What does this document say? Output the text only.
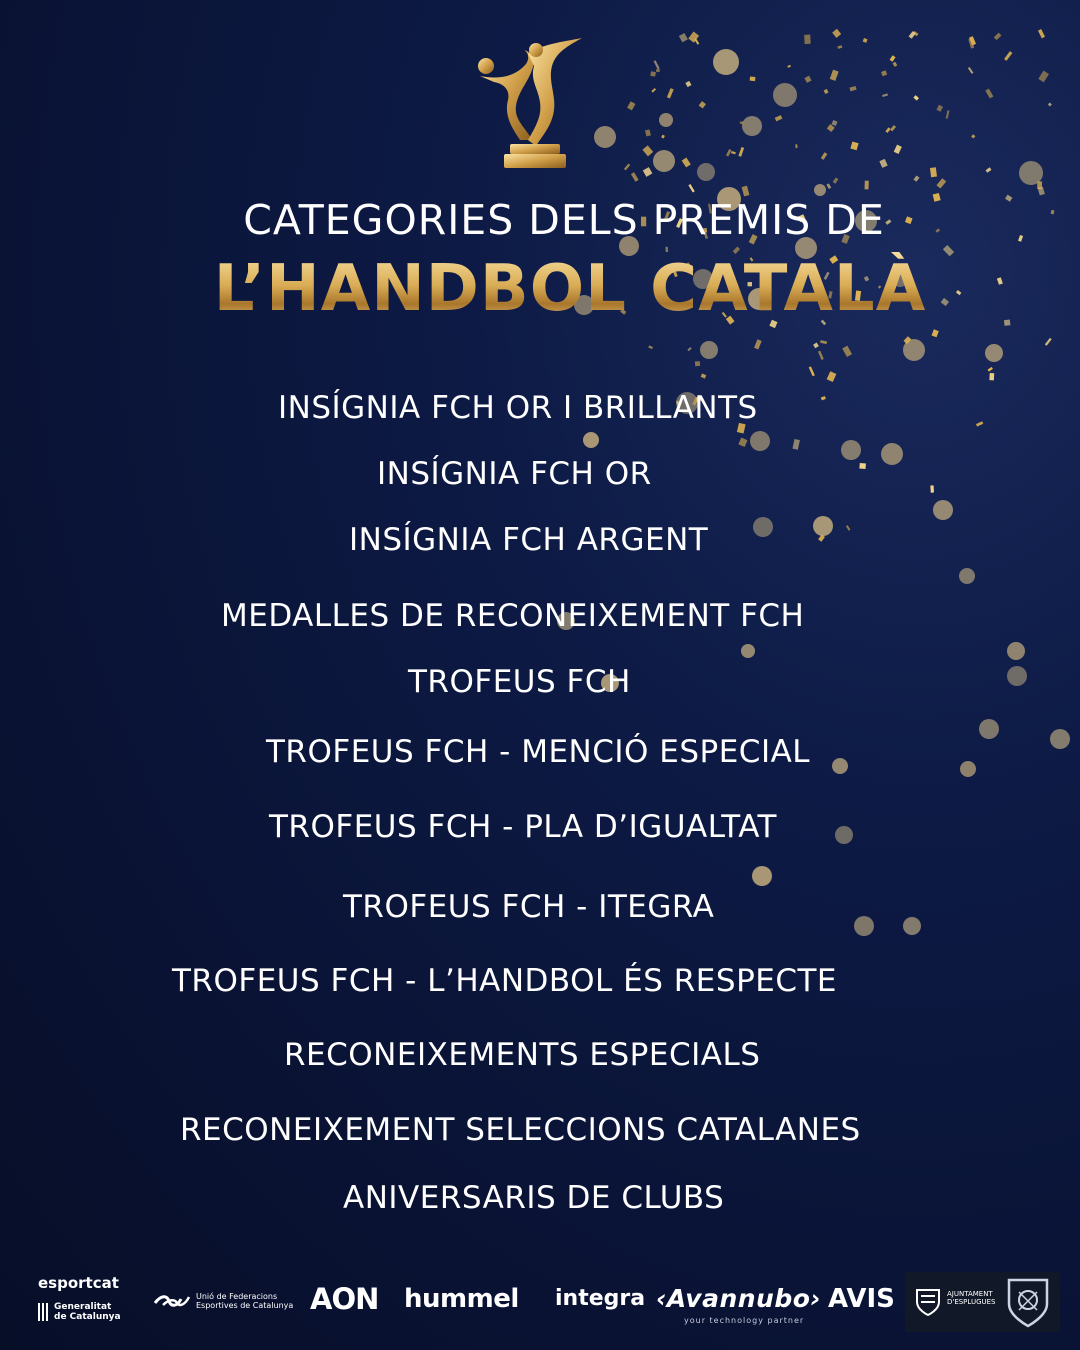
CATEGORIES DELS PREMIS DE
L’HANDBOL CATALÀ
INSÍGNIA FCH OR I BRILLANTS
INSÍGNIA FCH OR
INSÍGNIA FCH ARGENT
MEDALLES DE RECONEIXEMENT FCH
TROFEUS FCH
TROFEUS FCH - MENCIÓ ESPECIAL
TROFEUS FCH - PLA D’IGUALTAT
TROFEUS FCH - ITEGRA
TROFEUS FCH - L’HANDBOL ÉS RESPECTE
RECONEIXEMENTS ESPECIALS
RECONEIXEMENT SELECCIONS CATALANES
ANIVERSARIS DE CLUBS
esportcat
Generalitat
de Catalunya
Unió de Federacions
Esportives de Catalunya AON hummel integra ‹Avannubo›
your technology partner
AVIS	AJUNTAMENT
D'ESPLUGUES
